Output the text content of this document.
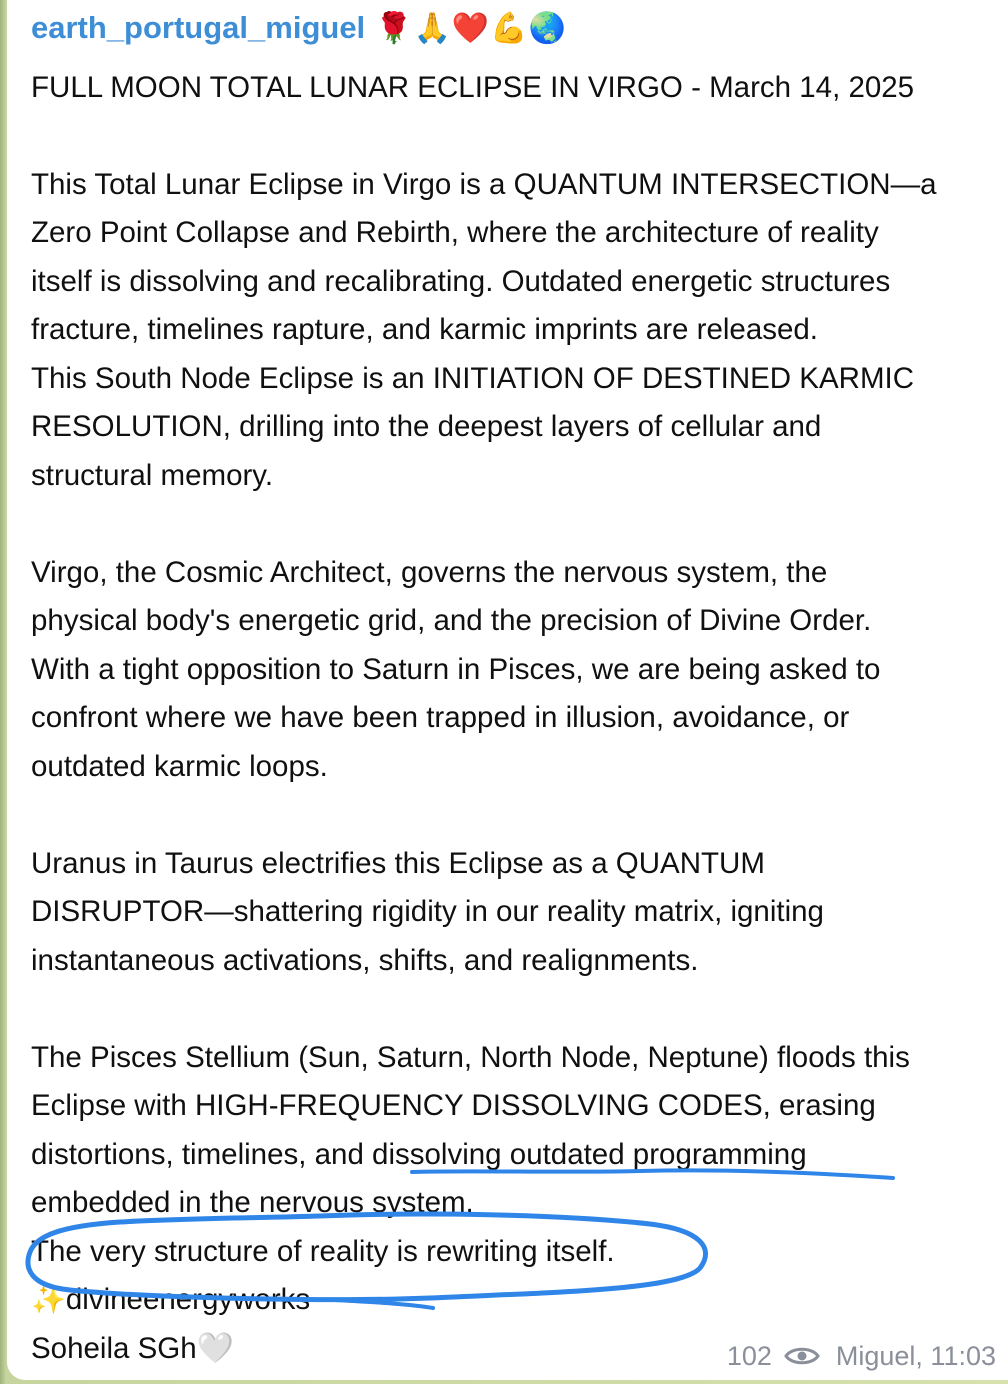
earth_portugal_miguel 🌹🙏❤️💪🌏
FULL MOON TOTAL LUNAR ECLIPSE IN VIRGO - March 14, 2025
This Total Lunar Eclipse in Virgo is a QUANTUM INTERSECTION—a
Zero Point Collapse and Rebirth, where the architecture of reality
itself is dissolving and recalibrating. Outdated energetic structures
fracture, timelines rapture, and karmic imprints are released.
This South Node Eclipse is an INITIATION OF DESTINED KARMIC
RESOLUTION, drilling into the deepest layers of cellular and
structural memory.
Virgo, the Cosmic Architect, governs the nervous system, the
physical body's energetic grid, and the precision of Divine Order.
With a tight opposition to Saturn in Pisces, we are being asked to
confront where we have been trapped in illusion, avoidance, or
outdated karmic loops.
Uranus in Taurus electrifies this Eclipse as a QUANTUM
DISRUPTOR—shattering rigidity in our reality matrix, igniting
instantaneous activations, shifts, and realignments.
The Pisces Stellium (Sun, Saturn, North Node, Neptune) floods this
Eclipse with HIGH-FREQUENCY DISSOLVING CODES, erasing
distortions, timelines, and dissolving outdated programming
embedded in the nervous system.
The very structure of reality is rewriting itself.
✨divineenergyworks
Soheila SGh🤍	102 Miguel, 11:03
